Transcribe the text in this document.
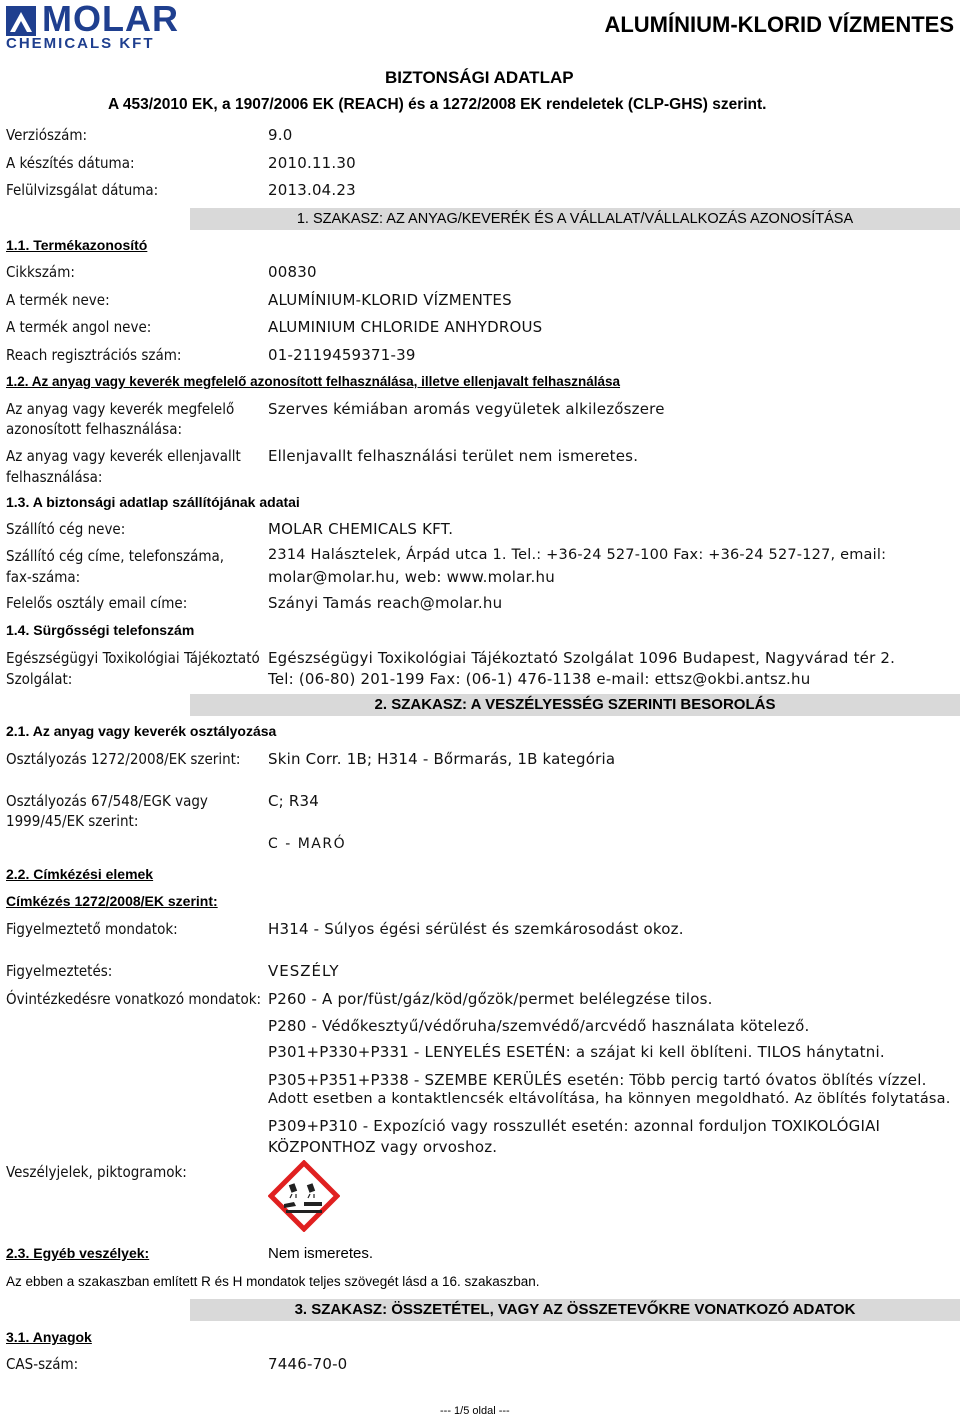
MOLAR
CHEMICALS KFT
ALUMÍNIUM-KLORID VÍZMENTES
BIZTONSÁGI ADATLAP
A 453/2010 EK, a 1907/2006 EK (REACH) és a 1272/2008 EK rendeletek (CLP-GHS) szerint.
Verziószám:	9.0
A készítés dátuma:	2010.11.30
Felülvizsgálat dátuma:	2013.04.23
1. SZAKASZ: AZ ANYAG/KEVERÉK ÉS A VÁLLALAT/VÁLLALKOZÁS AZONOSÍTÁSA
1.1. Termékazonosító
Cikkszám:	00830
A termék neve:	ALUMÍNIUM-KLORID VÍZMENTES
A termék angol neve:	ALUMINIUM CHLORIDE ANHYDROUS
Reach regisztrációs szám:	01-2119459371-39
1.2. Az anyag vagy keverék megfelelő azonosított felhasználása, illetve ellenjavalt felhasználása
Az anyag vagy keverék megfelelő
azonosított felhasználása:
Szerves kémiában aromás vegyületek alkilezőszere
Az anyag vagy keverék ellenjavallt
felhasználása:
Ellenjavallt felhasználási terület nem ismeretes.
1.3. A biztonsági adatlap szállítójának adatai
Szállító cég neve:	MOLAR CHEMICALS KFT.
Szállító cég címe, telefonszáma,
fax-száma:
2314 Halásztelek, Árpád utca 1. Tel.: +36-24 527-100 Fax: +36-24 527-127, email:
molar@molar.hu, web: www.molar.hu
Felelős osztály email címe:	Szányi Tamás reach@molar.hu
1.4. Sürgősségi telefonszám
Egészségügyi Toxikológiai Tájékoztató
Szolgálat:
Egészségügyi Toxikológiai Tájékoztató Szolgálat 1096 Budapest, Nagyvárad tér 2.
Tel: (06-80) 201-199 Fax: (06-1) 476-1138 e-mail: ettsz@okbi.antsz.hu
2. SZAKASZ: A VESZÉLYESSÉG SZERINTI BESOROLÁS
2.1. Az anyag vagy keverék osztályozása
Osztályozás 1272/2008/EK szerint: Skin Corr. 1B; H314 - Bőrmarás, 1B kategória
Osztályozás 67/548/EGK vagy
1999/45/EK szerint:
C; R34
C - MARÓ
2.2. Címkézési elemek
Címkézés 1272/2008/EK szerint:
Figyelmeztető mondatok:	H314 - Súlyos égési sérülést és szemkárosodást okoz.
Figyelmeztetés:	VESZÉLY
Óvintézkedésre vonatkozó mondatok: P260 - A por/füst/gáz/köd/gőzök/permet belélegzése tilos.
P280 - Védőkesztyű/védőruha/szemvédő/arcvédő használata kötelező.
P301+P330+P331 - LENYELÉS ESETÉN: a szájat ki kell öblíteni. TILOS hánytatni.
P305+P351+P338 - SZEMBE KERÜLÉS esetén: Több percig tartó óvatos öblítés vízzel.
Adott esetben a kontaktlencsék eltávolítása, ha könnyen megoldható. Az öblítés folytatása.
P309+P310 - Expozíció vagy rosszullét esetén: azonnal forduljon TOXIKOLÓGIAI
KÖZPONTHOZ vagy orvoshoz.
Veszélyjelek, piktogramok:
2.3. Egyéb veszélyek:	Nem ismeretes.
Az ebben a szakaszban említett R és H mondatok teljes szövegét lásd a 16. szakaszban.
3. SZAKASZ: ÖSSZETÉTEL, VAGY AZ ÖSSZETEVŐKRE VONATKOZÓ ADATOK
3.1. Anyagok
CAS-szám:	7446-70-0
--- 1/5 oldal ---
